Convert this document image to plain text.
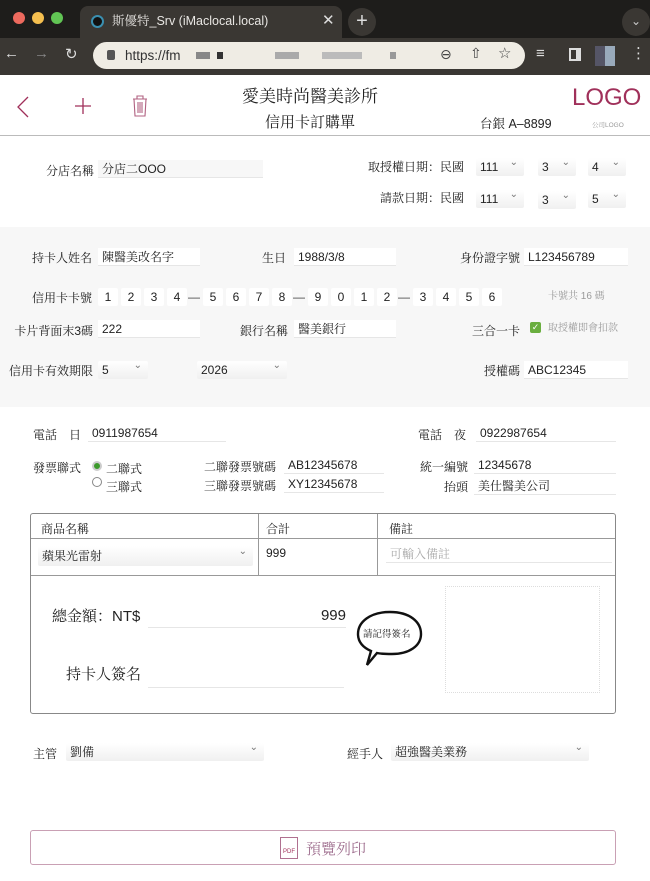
斯優特_Srv (iMaclocal.local)	✕	+	⌄
← → ↻	https://fm	⊖ ⇧ ☆ ≡	⋮
愛美時尚醫美診所
信用卡訂購單	台銀 A–8899
LOGO
公司LOGO
分店名稱 分店二OOO	取授權日期：民國	111 ⌄	3 ⌄	4 ⌄
請款日期：民國	111 ⌄	3 ⌄	5 ⌄
持卡人姓名 陳醫美改名字	生日	1988/3/8	身份證字號 L123456789
信用卡卡號	1	2	3	4 — 5	6	7	8 — 9	0	1	2 — 3	4	5	6	卡號共 16 碼
卡片背面末3碼 222	銀行名稱 醫美銀行	三合一卡 ✓ 取授權即會扣款
信用卡有效期限 5 ⌄	2026 ⌄	授權碼 ABC12345
電話　日 0911987654	電話　夜	0922987654
發票聯式 二聯式
三聯式
二聯發票號碼	AB12345678
三聯發票號碼	XY12345678
統一編號 12345678
抬頭 美仕醫美公司
商品名稱	合計	備註
蘋果光雷射 ⌄	999	可輸入備註
總金額：NT$	999
持卡人簽名
請記得簽名
主管	劉備 ⌄	經手人 超強醫美業務 ⌄
PDF 預覽列印
